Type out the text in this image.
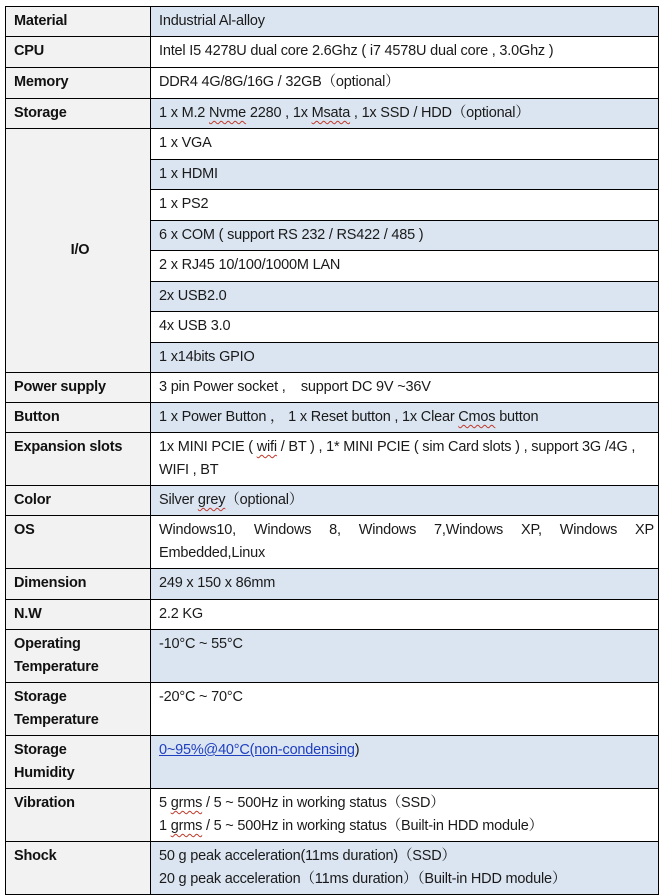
Material	Industrial Al-alloy
CPU	Intel I5 4278U dual core 2.6Ghz ( i7 4578U dual core , 3.0Ghz )
Memory	DDR4 4G/8G/16G / 32GB（optional）
Storage	1 x M.2 Nvme 2280 , 1x Msata , 1x SSD / HDD（optional）
I/O	1 x VGA
	1 x HDMI
	1 x PS2
	6 x COM ( support RS 232 / RS422 / 485 )
	2 x RJ45 10/100/1000M LAN
	2x USB2.0
	4x USB 3.0
	1 x14bits GPIO
Power supply	3 pin Power socket ,    support DC 9V ~36V
Button	1 x Power Button ， 1 x Reset button , 1x Clear Cmos button
Expansion slots	1x MINI PCIE ( wifi / BT ) , 1* MINI PCIE ( sim Card slots ) , support 3G /4G , WIFI , BT
Color	Silver grey（optional）
OS	Windows10, Windows 8, Windows 7,Windows XP, Windows XP Embedded,Linux
Dimension	249 x 150 x 86mm
N.W	2.2 KG
Operating
Temperature	-10°C ~ 55°C
Storage
Temperature	-20°C ~ 70°C
Storage
Humidity	0~95%@40°C(non-condensing)
Vibration	5 grms / 5 ~ 500Hz in working status（SSD）
1 grms / 5 ~ 500Hz in working status（Built-in HDD module）
Shock	50 g peak acceleration(11ms duration)（SSD）
20 g peak acceleration（11ms duration）（Built-in HDD module）
